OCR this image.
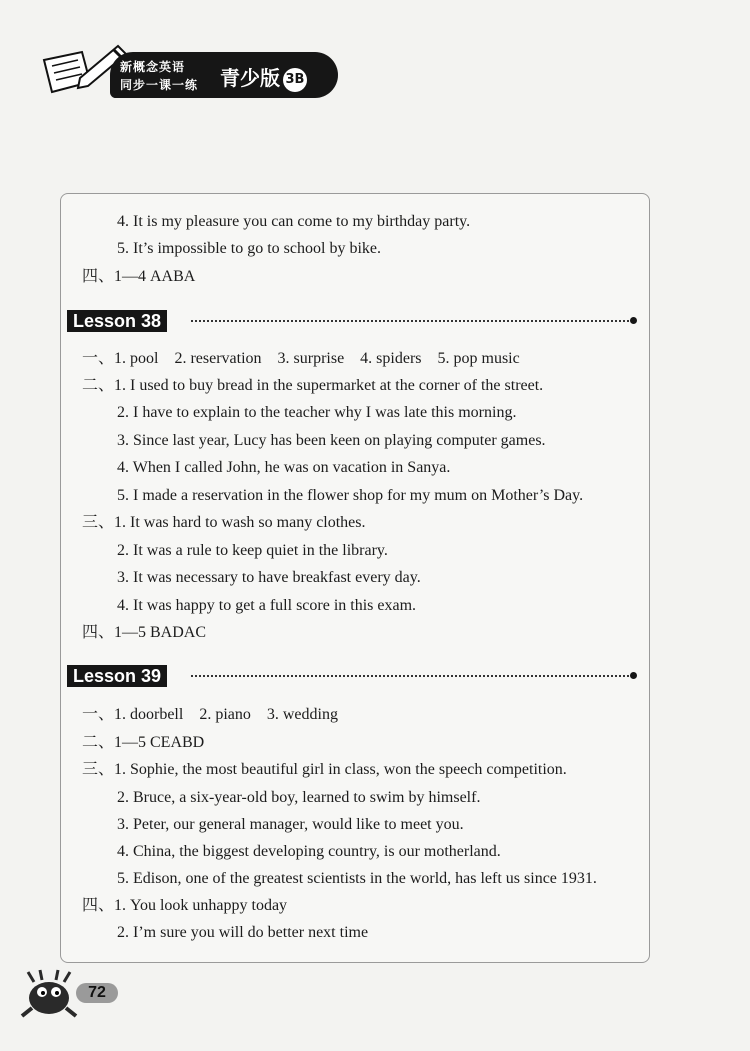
新概念英语
同步一课一练 青少版 3B
4. It is my pleasure you can come to my birthday party.
5. It’s impossible to go to school by bike.
四、1—4 AABA
Lesson 38
一、1. pool    2. reservation    3. surprise    4. spiders    5. pop music
二、1. I used to buy bread in the supermarket at the corner of the street.
2. I have to explain to the teacher why I was late this morning.
3. Since last year, Lucy has been keen on playing computer games.
4. When I called John, he was on vacation in Sanya.
5. I made a reservation in the flower shop for my mum on Mother’s Day.
三、1. It was hard to wash so many clothes.
2. It was a rule to keep quiet in the library.
3. It was necessary to have breakfast every day.
4. It was happy to get a full score in this exam.
四、1—5 BADAC
Lesson 39
一、1. doorbell    2. piano    3. wedding
二、1—5 CEABD
三、1. Sophie, the most beautiful girl in class, won the speech competition.
2. Bruce, a six-year-old boy, learned to swim by himself.
3. Peter, our general manager, would like to meet you.
4. China, the biggest developing country, is our motherland.
5. Edison, one of the greatest scientists in the world, has left us since 1931.
四、1. You look unhappy today
2. I’m sure you will do better next time
72
